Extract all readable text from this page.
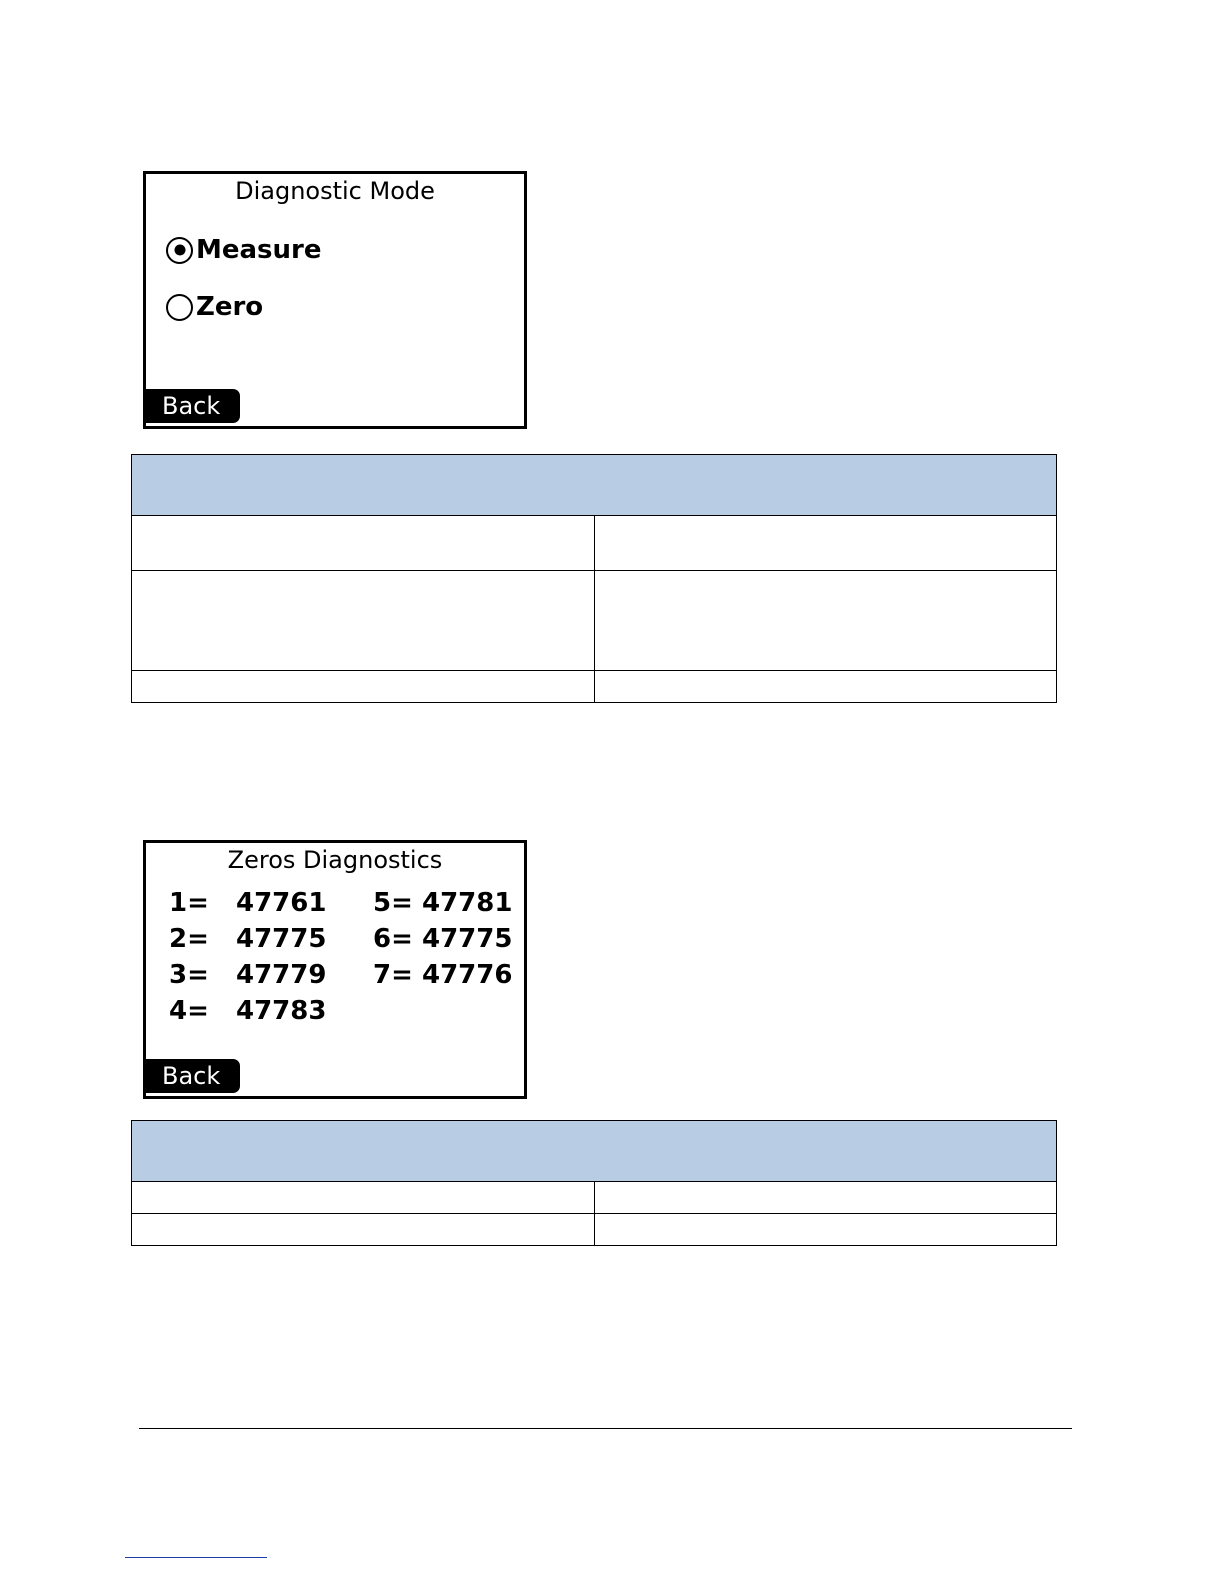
Diagnostic Mode
Measure
Zero
Back

Zeros Diagnostics
1= 47761
2= 47775
3= 47779
4= 47783
5= 47781
6= 47775
7= 47776
Back
